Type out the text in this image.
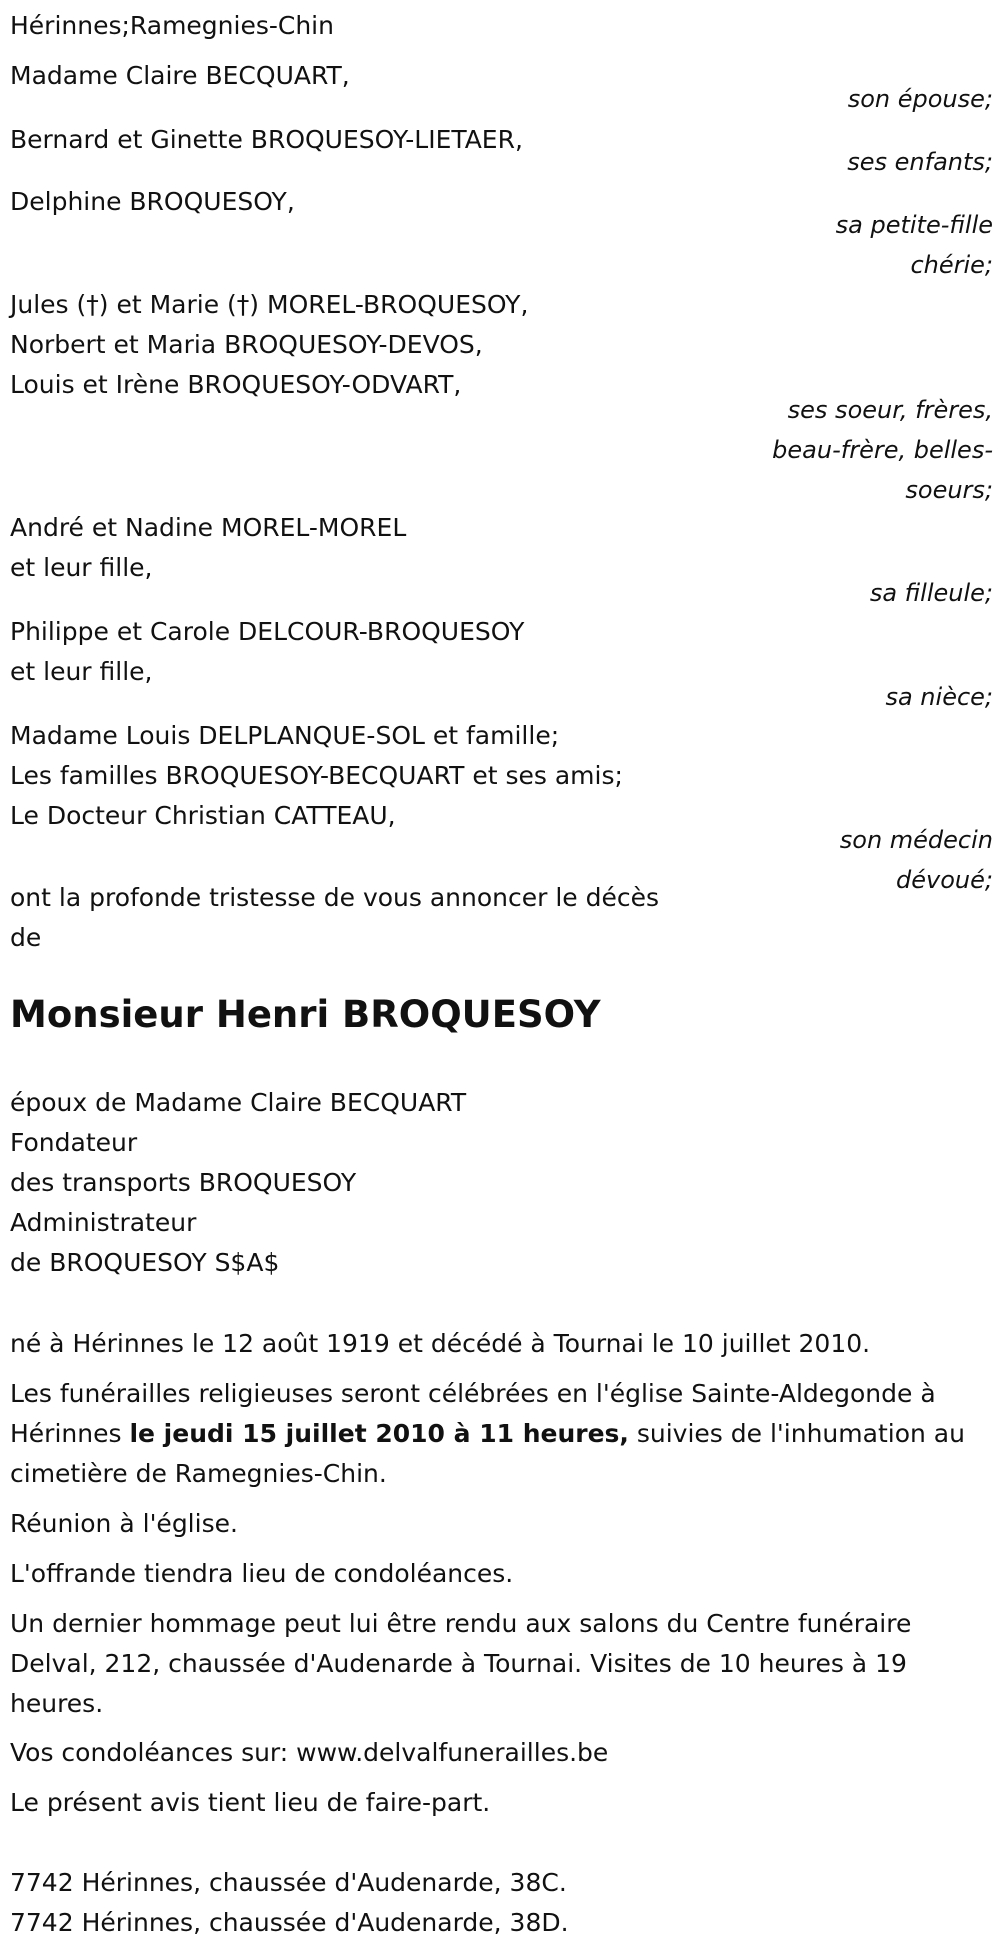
Hérinnes;Ramegnies-Chin
Madame Claire BECQUART,
son épouse;
Bernard et Ginette BROQUESOY-LIETAER,
ses enfants;
Delphine BROQUESOY,
sa petite-fille
chérie;
Jules (†) et Marie (†) MOREL-BROQUESOY,
Norbert et Maria BROQUESOY-DEVOS,
Louis et Irène BROQUESOY-ODVART,
ses soeur, frères,
beau-frère, belles-
soeurs;
André et Nadine MOREL-MOREL
et leur fille,
sa filleule;
Philippe et Carole DELCOUR-BROQUESOY
et leur fille,
sa nièce;
Madame Louis DELPLANQUE-SOL et famille;
Les familles BROQUESOY-BECQUART et ses amis;
Le Docteur Christian CATTEAU,
son médecin
dévoué;
ont la profonde tristesse de vous annoncer le décès
de
Monsieur Henri BROQUESOY
époux de Madame Claire BECQUART
Fondateur
des transports BROQUESOY
Administrateur
de BROQUESOY S$A$
né à Hérinnes le 12 août 1919 et décédé à Tournai le 10 juillet 2010.
Les funérailles religieuses seront célébrées en l'église Sainte-Aldegonde à Hérinnes le jeudi 15 juillet 2010 à 11 heures, suivies de l'inhumation au cimetière de Ramegnies-Chin.
Réunion à l'église.
L'offrande tiendra lieu de condoléances.
Un dernier hommage peut lui être rendu aux salons du Centre funéraire Delval, 212, chaussée d'Audenarde à Tournai. Visites de 10 heures à 19 heures.
Vos condoléances sur: www.delvalfunerailles.be
Le présent avis tient lieu de faire-part.
7742 Hérinnes, chaussée d'Audenarde, 38C.
7742 Hérinnes, chaussée d'Audenarde, 38D.
